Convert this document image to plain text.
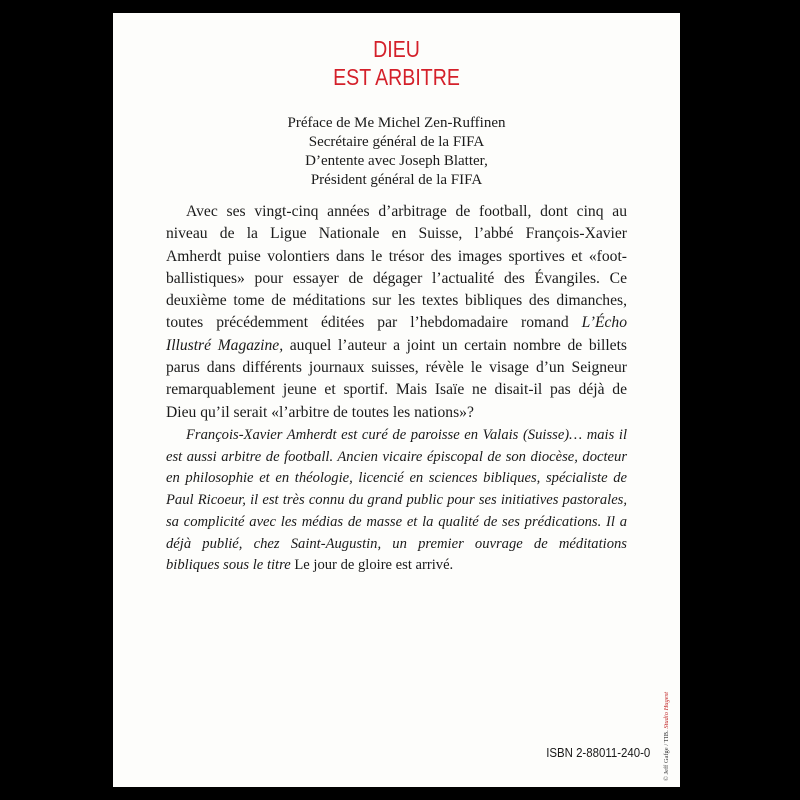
DIEU
EST ARBITRE
Préface de Me Michel Zen-Ruffinen
Secrétaire général de la FIFA
D’entente avec Joseph Blatter,
Président général de la FIFA
Avec ses vingt-cinq années d’arbitrage de football, dont cinq au
niveau de la Ligue Nationale en Suisse, l’abbé François-Xavier
Amherdt puise volontiers dans le trésor des images sportives et «foot-
ballistiques» pour essayer de dégager l’actualité des Évangiles. Ce
deuxième tome de méditations sur les textes bibliques des dimanches,
toutes précédemment éditées par l’hebdomadaire romand L’Écho
Illustré Magazine, auquel l’auteur a joint un certain nombre de billets
parus dans différents journaux suisses, révèle le visage d’un Seigneur
remarquablement jeune et sportif. Mais Isaïe ne disait-il pas déjà de
Dieu qu’il serait «l’arbitre de toutes les nations»?
François-Xavier Amherdt est curé de paroisse en Valais (Suisse)… mais il
est aussi arbitre de football. Ancien vicaire épiscopal de son diocèse, docteur
en philosophie et en théologie, licencié en sciences bibliques, spécialiste de
Paul Ricoeur, il est très connu du grand public pour ses initiatives pastorales,
sa complicité avec les médias de masse et la qualité de ses prédications. Il a
déjà publié, chez Saint-Augustin, un premier ouvrage de méditations
bibliques sous le titre Le jour de gloire est arrivé.
© Jeff Gafge / TIB. Studio Hugest
ISBN 2-88011-240-0
